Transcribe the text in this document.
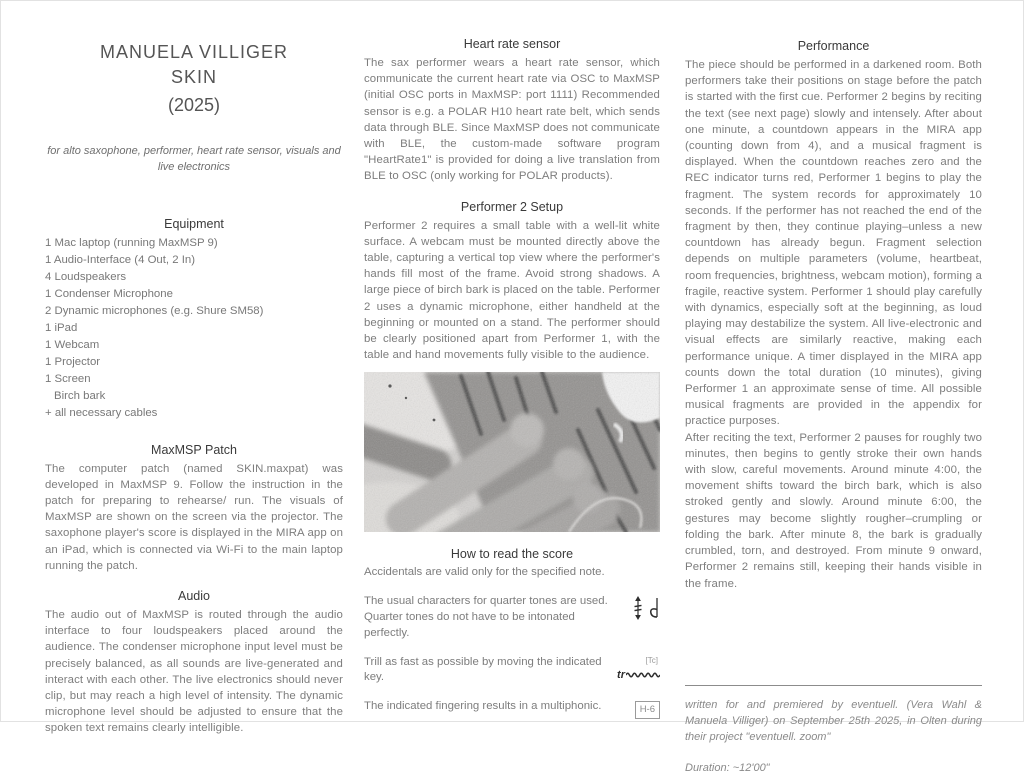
MANUELA VILLIGER
SKIN
(2025)
for alto saxophone, performer, heart rate sensor, visuals and live electronics
Equipment
1 Mac laptop (running MaxMSP 9)
1 Audio-Interface (4 Out, 2 In)
4 Loudspeakers
1 Condenser Microphone
2 Dynamic microphones (e.g. Shure SM58)
1 iPad
1 Webcam
1 Projector
1 Screen
Birch bark
+ all necessary cables
MaxMSP Patch
The computer patch (named SKIN.maxpat) was developed in MaxMSP 9. Follow the instruction in the patch for preparing to rehearse/ run. The visuals of MaxMSP are shown on the screen via the projector. The saxophone player's score is displayed in the MIRA app on an iPad, which is connected via Wi-Fi to the main laptop running the patch.
Audio
The audio out of MaxMSP is routed through the audio interface to four loudspeakers placed around the audience. The condenser microphone input level must be precisely balanced, as all sounds are live-generated and interact with each other. The live electronics should never clip, but may reach a high level of intensity. The dynamic microphone level should be adjusted to ensure that the spoken text remains clearly intelligible.
Heart rate sensor
The sax performer wears a heart rate sensor, which communicate the current heart rate via OSC to MaxMSP (initial OSC ports in MaxMSP: port 1111) Recommended sensor is e.g. a POLAR H10 heart rate belt, which sends data through BLE. Since MaxMSP does not communicate with BLE, the custom-made software program "HeartRate1" is provided for doing a live translation from BLE to OSC (only working for POLAR products).
Performer 2 Setup
Performer 2 requires a small table with a well-lit white surface. A webcam must be mounted directly above the table, capturing a vertical top view where the performer's hands fill most of the frame. Avoid strong shadows. A large piece of birch bark is placed on the table. Performer 2 uses a dynamic microphone, either handheld at the beginning or mounted on a stand. The performer should be clearly positioned apart from Performer 1, with the table and hand movements fully visible to the audience.
How to read the score
Accidentals are valid only for the specified note.
The usual characters for quarter tones are used. Quarter tones do not have to be intonated perfectly.
Trill as fast as possible by moving the indicated key.
[Tc]
tr
The indicated fingering results in a multiphonic.	H-6
Performance
The piece should be performed in a darkened room. Both performers take their positions on stage before the patch is started with the first cue. Performer 2 begins by reciting the text (see next page) slowly and intensely. After about one minute, a countdown appears in the MIRA app (counting down from 4), and a musical fragment is displayed. When the countdown reaches zero and the REC indicator turns red, Performer 1 begins to play the fragment. The system records for approximately 10 seconds. If the performer has not reached the end of the fragment by then, they continue playing–unless a new countdown has already begun. Fragment selection depends on multiple parameters (volume, heartbeat, room frequencies, brightness, webcam motion), forming a fragile, reactive system. Performer 1 should play carefully with dynamics, especially soft at the beginning, as loud playing may destabilize the system. All live-electronic and visual effects are similarly reactive, making each performance unique. A timer displayed in the MIRA app counts down the total duration (10 minutes), giving Performer 1 an approximate sense of time. All possible musical fragments are provided in the appendix for practice purposes.
After reciting the text, Performer 2 pauses for roughly two minutes, then begins to gently stroke their own hands with slow, careful movements. Around minute 4:00, the movement shifts toward the birch bark, which is also stroked gently and slowly. Around minute 6:00, the gestures may become slightly rougher–crumpling or folding the bark. After minute 8, the bark is gradually crumbled, torn, and destroyed. From minute 9 onward, Performer 2 remains still, keeping their hands visible in the frame.
written for and premiered by eventuell. (Vera Wahl & Manuela Villiger) on September 25th 2025, in Olten during their project "eventuell. zoom"
Duration: ~12'00"
